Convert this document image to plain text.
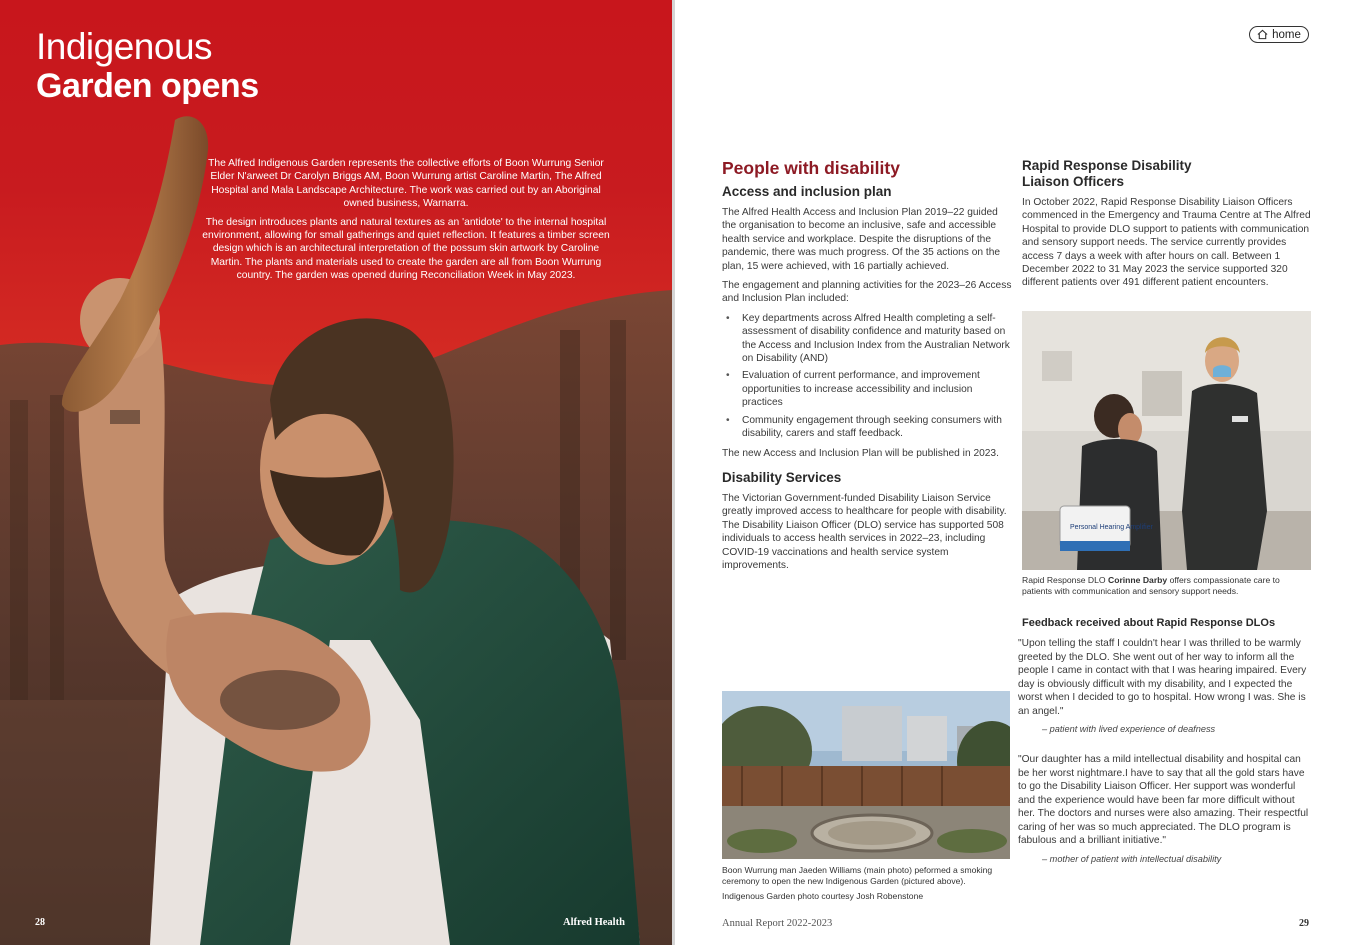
Indigenous
Garden opens

The Alfred Indigenous Garden represents the collective efforts of Boon Wurrung Senior Elder N'arweet Dr Carolyn Briggs AM, Boon Wurrung artist Caroline Martin, The Alfred Hospital and Mala Landscape Architecture. The work was carried out by an Aboriginal owned business, Warnarra.

The design introduces plants and natural textures as an 'antidote' to the internal hospital environment, allowing for small gatherings and quiet reflection. It features a timber screen design which is an architectural interpretation of the possum skin artwork by Caroline Martin. The plants and materials used to create the garden are all from Boon Wurrung country. The garden was opened during Reconciliation Week in May 2023.

28	Alfred Health
home
People with disability
Access and inclusion plan

The Alfred Health Access and Inclusion Plan 2019–22 guided the organisation to become an inclusive, safe and accessible health service and workplace. Despite the disruptions of the pandemic, there was much progress. Of the 35 actions on the plan, 15 were achieved, with 16 partially achieved.

The engagement and planning activities for the 2023–26 Access and Inclusion Plan included:

• Key departments across Alfred Health completing a self-assessment of disability confidence and maturity based on the Access and Inclusion Index from the Australian Network on Disability (AND)
• Evaluation of current performance, and improvement opportunities to increase accessibility and inclusion practices
• Community engagement through seeking consumers with disability, carers and staff feedback.

The new Access and Inclusion Plan will be published in 2023.

Disability Services

The Victorian Government-funded Disability Liaison Service greatly improved access to healthcare for people with disability. The Disability Liaison Officer (DLO) service has supported 508 individuals to access health services in 2022–23, including COVID-19 vaccinations and health service system improvements.

Rapid Response Disability
Liaison Officers

In October 2022, Rapid Response Disability Liaison Officers commenced in the Emergency and Trauma Centre at The Alfred Hospital to provide DLO support to patients with communication and sensory support needs. The service currently provides access 7 days a week with after hours on call. Between 1 December 2022 to 31 May 2023 the service supported 320 different patients over 491 different patient encounters.

Personal Hearing Amplifier
Rapid Response DLO Corinne Darby offers compassionate care to patients with communication and sensory support needs.
Feedback received about Rapid Response DLOs
"Upon telling the staff I couldn't hear I was thrilled to be warmly greeted by the DLO. She went out of her way to inform all the people I came in contact with that I was hearing impaired. Every day is obviously difficult with my disability, and I expected the worst when I decided to go to hospital. How wrong I was. She is an angel."
– patient with lived experience of deafness
"Our daughter has a mild intellectual disability and hospital can be her worst nightmare.I have to say that all the gold stars have to go the Disability Liaison Officer. Her support was wonderful and the experience would have been far more difficult without her. The doctors and nurses were also amazing. Their respectful caring of her was so much appreciated. The DLO program is fabulous and a brilliant initiative."
– mother of patient with intellectual disability

Boon Wurrung man Jaeden Williams (main photo) peformed a smoking ceremony to open the new Indigenous Garden (pictured above).

Indigenous Garden photo courtesy Josh Robenstone

Annual Report 2022-2023	29
